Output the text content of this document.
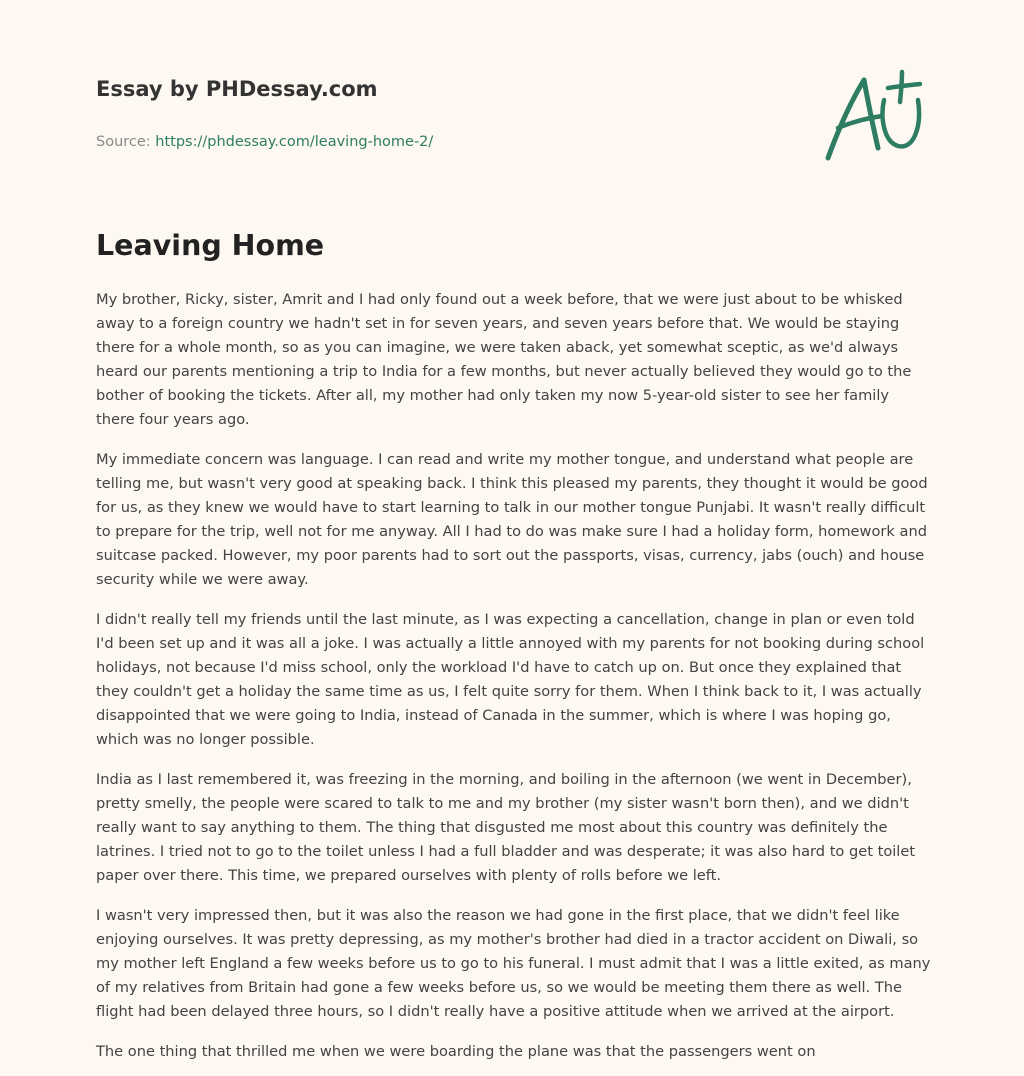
Essay by PHDessay.com
Source: https://phdessay.com/leaving-home-2/
Leaving Home

My brother, Ricky, sister, Amrit and I had only found out a week before, that we were just about to be whisked away to a foreign country we hadn't set in for seven years, and seven years before that. We would be staying there for a whole month, so as you can imagine, we were taken aback, yet somewhat sceptic, as we'd always heard our parents mentioning a trip to India for a few months, but never actually believed they would go to the bother of booking the tickets. After all, my mother had only taken my now 5-year-old sister to see her family there four years ago.

My immediate concern was language. I can read and write my mother tongue, and understand what people are telling me, but wasn't very good at speaking back. I think this pleased my parents, they thought it would be good for us, as they knew we would have to start learning to talk in our mother tongue Punjabi. It wasn't really difficult to prepare for the trip, well not for me anyway. All I had to do was make sure I had a holiday form, homework and suitcase packed. However, my poor parents had to sort out the passports, visas, currency, jabs (ouch) and house security while we were away.

I didn't really tell my friends until the last minute, as I was expecting a cancellation, change in plan or even told I'd been set up and it was all a joke. I was actually a little annoyed with my parents for not booking during school holidays, not because I'd miss school, only the workload I'd have to catch up on. But once they explained that they couldn't get a holiday the same time as us, I felt quite sorry for them. When I think back to it, I was actually disappointed that we were going to India, instead of Canada in the summer, which is where I was hoping go, which was no longer possible.

India as I last remembered it, was freezing in the morning, and boiling in the afternoon (we went in December), pretty smelly, the people were scared to talk to me and my brother (my sister wasn't born then), and we didn't really want to say anything to them. The thing that disgusted me most about this country was definitely the latrines. I tried not to go to the toilet unless I had a full bladder and was desperate; it was also hard to get toilet paper over there. This time, we prepared ourselves with plenty of rolls before we left.

I wasn't very impressed then, but it was also the reason we had gone in the first place, that we didn't feel like enjoying ourselves. It was pretty depressing, as my mother's brother had died in a tractor accident on Diwali, so my mother left England a few weeks before us to go to his funeral. I must admit that I was a little exited, as many of my relatives from Britain had gone a few weeks before us, so we would be meeting them there as well. The flight had been delayed three hours, so I didn't really have a positive attitude when we arrived at the airport.

The one thing that thrilled me when we were boarding the plane was that the passengers went on
